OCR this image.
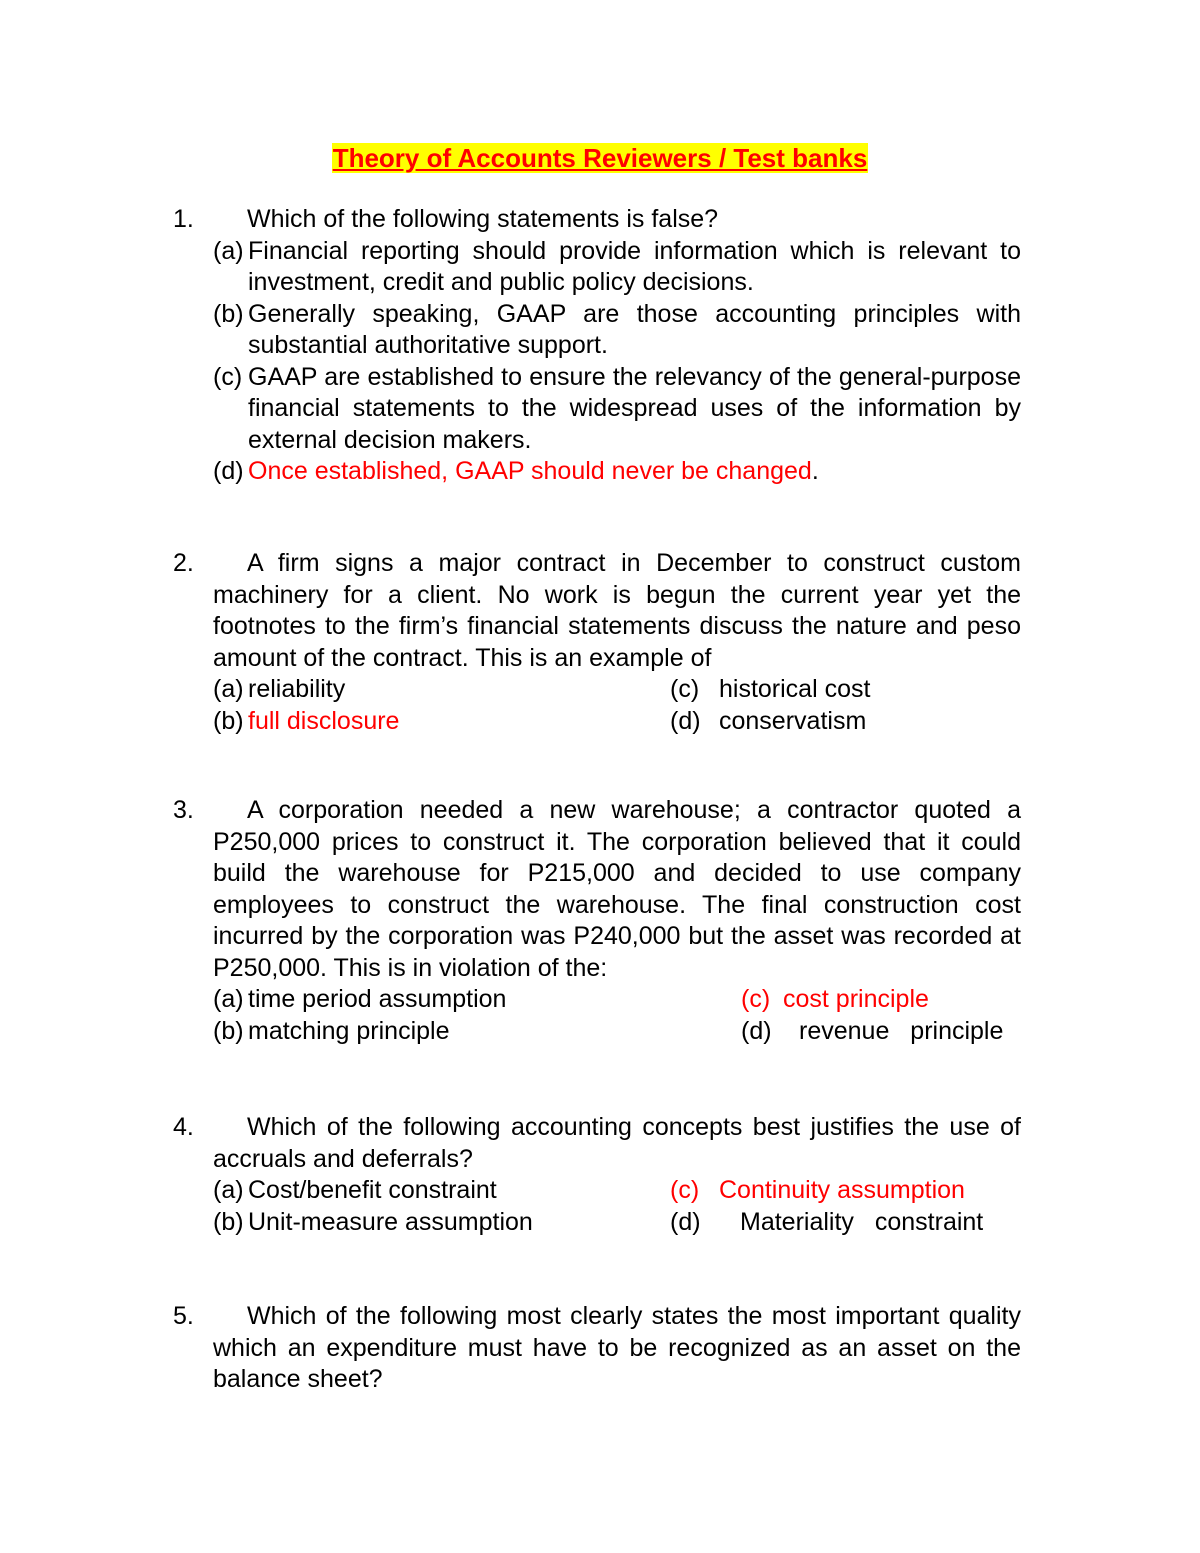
Theory of Accounts Reviewers / Test banks
1.	Which of the following statements is false?
(a) Financial reporting should provide information which is relevant to investment, credit and public policy decisions.
(b) Generally speaking, GAAP are those accounting principles with substantial authoritative support.
(c) GAAP are established to ensure the relevancy of the general-purpose financial statements to the widespread uses of the information by external decision makers.
(d) Once established, GAAP should never be changed.
2.	A firm signs a major contract in December to construct custom machinery for a client. No work is begun the current year yet the footnotes to the firm’s financial statements discuss the nature and peso amount of the contract. This is an example of
(a) reliability	(c) historical cost
(b) full disclosure	(d) conservatism
3.	A corporation needed a new warehouse; a contractor quoted a P250,000 prices to construct it. The corporation believed that it could build the warehouse for P215,000 and decided to use company employees to construct the warehouse. The final construction cost incurred by the corporation was P240,000 but the asset was recorded at P250,000. This is in violation of the:
(a) time period assumption	(c) cost principle
(b) matching principle	(d) revenue principle
4.	Which of the following accounting concepts best justifies the use of accruals and deferrals?
(a) Cost/benefit constraint	(c) Continuity assumption
(b) Unit-measure assumption	(d) Materiality constraint
5.	Which of the following most clearly states the most important quality which an expenditure must have to be recognized as an asset on the balance sheet?
